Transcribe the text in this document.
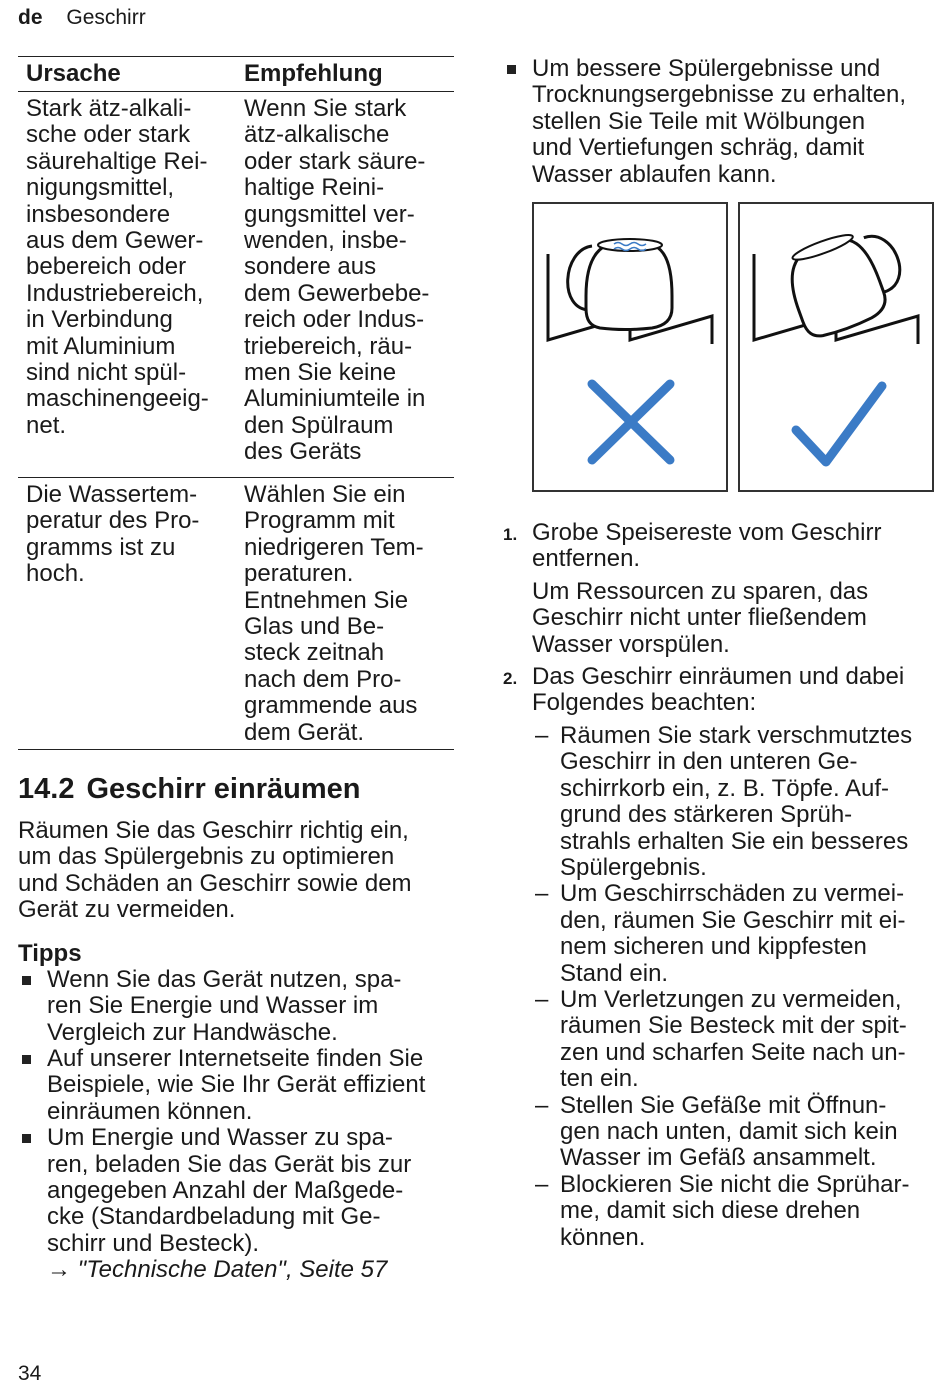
de Geschirr
Ursache	Empfehlung
Stark ätz-alkali-
sche oder stark
säurehaltige Rei-
nigungsmittel,
insbesondere
aus dem Gewer-
bebereich oder
Industriebereich,
in Verbindung
mit Aluminium
sind nicht spül-
maschinengeeig-
net.
Wenn Sie stark
ätz-alkalische
oder stark säure-
haltige Reini-
gungsmittel ver-
wenden, insbe-
sondere aus
dem Gewerbebe-
reich oder Indus-
triebereich, räu-
men Sie keine
Aluminiumteile in
den Spülraum
des Geräts
Die Wassertem-
peratur des Pro-
gramms ist zu
hoch.
Wählen Sie ein
Programm mit
niedrigeren Tem-
peraturen.
Entnehmen Sie
Glas und Be-
steck zeitnah
nach dem Pro-
grammende aus
dem Gerät.
14.2 Geschirr einräumen
Räumen Sie das Geschirr richtig ein,
um das Spülergebnis zu optimieren
und Schäden an Geschirr sowie dem
Gerät zu vermeiden.
Tipps
Wenn Sie das Gerät nutzen, spa-
ren Sie Energie und Wasser im
Vergleich zur Handwäsche.
Auf unserer Internetseite finden Sie
Beispiele, wie Sie Ihr Gerät effizient
einräumen können.
Um Energie und Wasser zu spa-
ren, beladen Sie das Gerät bis zur
angegeben Anzahl der Maßgede-
cke (Standardbeladung mit Ge-
schirr und Besteck).
→ "Technische Daten", Seite 57
Um bessere Spülergebnisse und
Trocknungsergebnisse zu erhalten,
stellen Sie Teile mit Wölbungen
und Vertiefungen schräg, damit
Wasser ablaufen kann.
1. Grobe Speisereste vom Geschirr
entfernen.

Um Ressourcen zu sparen, das
Geschirr nicht unter fließendem
Wasser vorspülen.

2. Das Geschirr einräumen und dabei
Folgendes beachten:
– Räumen Sie stark verschmutztes
Geschirr in den unteren Ge-
schirrkorb ein, z. B. Töpfe. Auf-
grund des stärkeren Sprüh-
strahls erhalten Sie ein besseres
Spülergebnis.
– Um Geschirrschäden zu vermei-
den, räumen Sie Geschirr mit ei-
nem sicheren und kippfesten
Stand ein.
– Um Verletzungen zu vermeiden,
räumen Sie Besteck mit der spit-
zen und scharfen Seite nach un-
ten ein.
– Stellen Sie Gefäße mit Öffnun-
gen nach unten, damit sich kein
Wasser im Gefäß ansammelt.
– Blockieren Sie nicht die Sprühar-
me, damit sich diese drehen
können.
34
